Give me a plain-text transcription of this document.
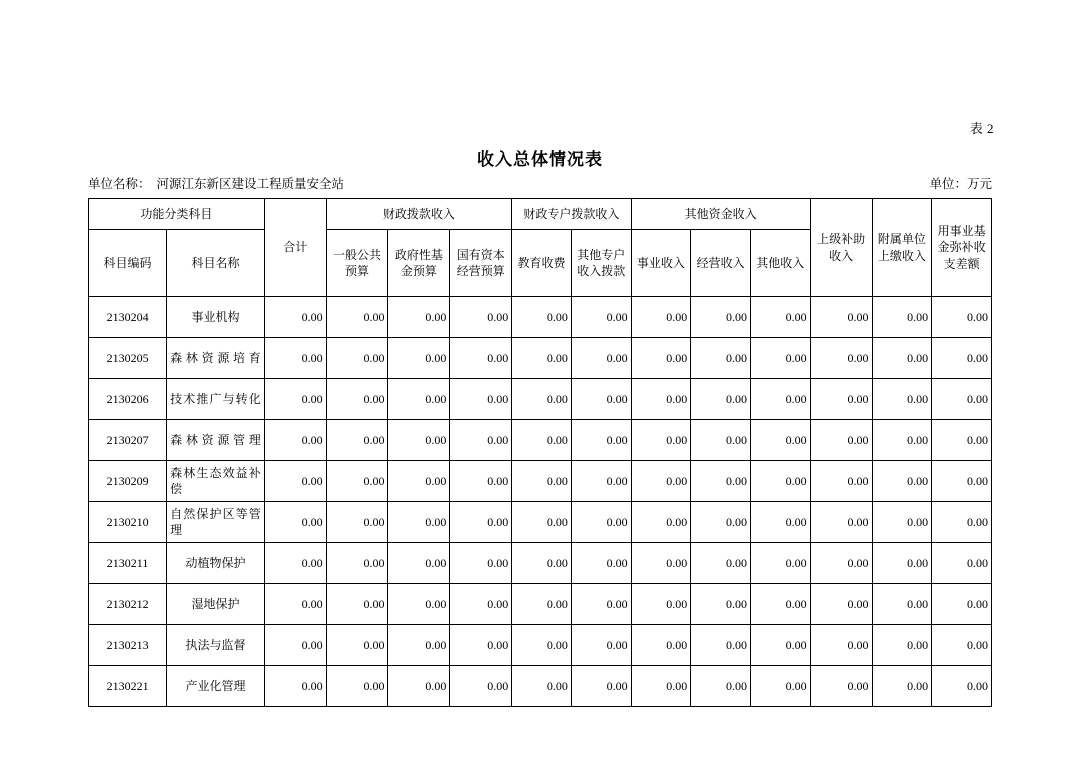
表 2
收入总体情况表
单位名称： 河源江东新区建设工程质量安全站	单位：万元
功能分类科目		合计	财政拨款收入			财政专户拨款收入		其他资金收入			上级补助收入	附属单位上缴收入	用事业基金弥补收支差额
科目编码	科目名称		一般公共预算	政府性基金预算	国有资本经营预算	教育收费	其他专户收入拨款	事业收入	经营收入	其他收入			
2130204	事业机构	0.00	0.00	0.00	0.00	0.00	0.00	0.00	0.00	0.00	0.00	0.00	0.00
2130205	森林资源培育	0.00	0.00	0.00	0.00	0.00	0.00	0.00	0.00	0.00	0.00	0.00	0.00
2130206	技术推广与转化	0.00	0.00	0.00	0.00	0.00	0.00	0.00	0.00	0.00	0.00	0.00	0.00
2130207	森林资源管理	0.00	0.00	0.00	0.00	0.00	0.00	0.00	0.00	0.00	0.00	0.00	0.00
2130209	森林生态效益补偿	0.00	0.00	0.00	0.00	0.00	0.00	0.00	0.00	0.00	0.00	0.00	0.00
2130210	自然保护区等管理	0.00	0.00	0.00	0.00	0.00	0.00	0.00	0.00	0.00	0.00	0.00	0.00
2130211	动植物保护	0.00	0.00	0.00	0.00	0.00	0.00	0.00	0.00	0.00	0.00	0.00	0.00
2130212	湿地保护	0.00	0.00	0.00	0.00	0.00	0.00	0.00	0.00	0.00	0.00	0.00	0.00
2130213	执法与监督	0.00	0.00	0.00	0.00	0.00	0.00	0.00	0.00	0.00	0.00	0.00	0.00
2130221	产业化管理	0.00	0.00	0.00	0.00	0.00	0.00	0.00	0.00	0.00	0.00	0.00	0.00
